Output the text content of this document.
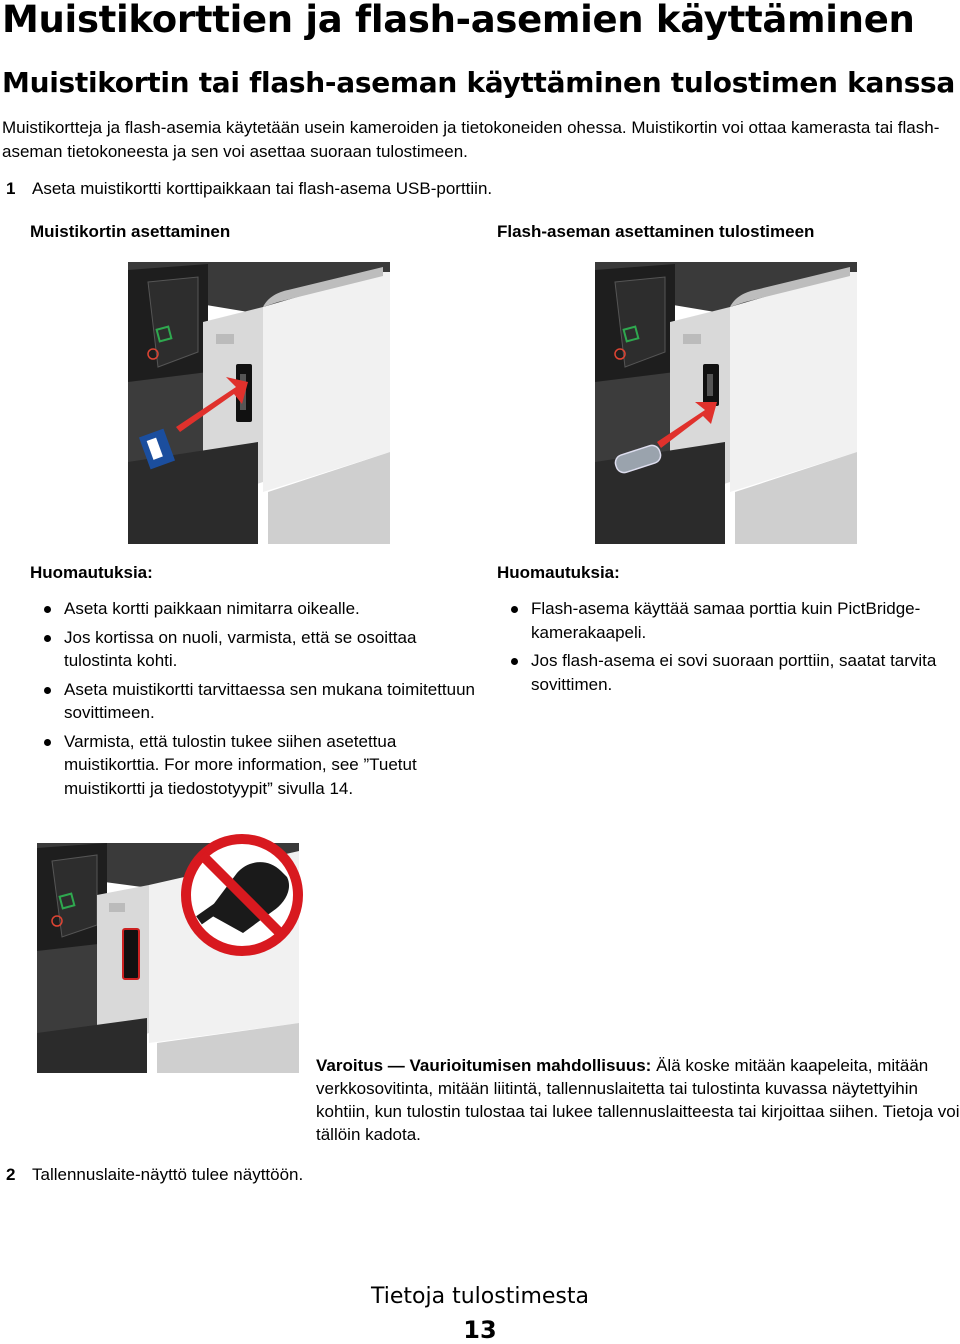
Muistikorttien ja flash-asemien käyttäminen
Muistikortin tai flash-aseman käyttäminen tulostimen kanssa
Muistikortteja ja flash-asemia käytetään usein kameroiden ja tietokoneiden ohessa. Muistikortin voi ottaa kamerasta tai flash-aseman tietokoneesta ja sen voi asettaa suoraan tulostimeen.
1 Aseta muistikortti korttipaikkaan tai flash-asema USB-porttiin.
Muistikortin asettaminen	Flash-aseman asettaminen tulostimeen
Huomautuksia:
Aseta kortti paikkaan nimitarra oikealle.
Jos kortissa on nuoli, varmista, että se osoittaa tulostinta kohti.
Aseta muistikortti tarvittaessa sen mukana toimitettuun sovittimeen.
Varmista, että tulostin tukee siihen asetettua muistikorttia. For more information, see ”Tuetut muistikortti ja tiedostotyypit” sivulla 14.
Huomautuksia:
Flash-asema käyttää samaa porttia kuin PictBridge-kamerakaapeli.
Jos flash-asema ei sovi suoraan porttiin, saatat tarvita sovittimen.
Varoitus — Vaurioitumisen mahdollisuus: Älä koske mitään kaapeleita, mitään verkkosovitinta, mitään liitintä, tallennuslaitetta tai tulostinta kuvassa näytettyihin kohtiin, kun tulostin tulostaa tai lukee tallennuslaitteesta tai kirjoittaa siihen. Tietoja voi tällöin kadota.
2 Tallennuslaite-näyttö tulee näyttöön.
Tietoja tulostimesta
13
